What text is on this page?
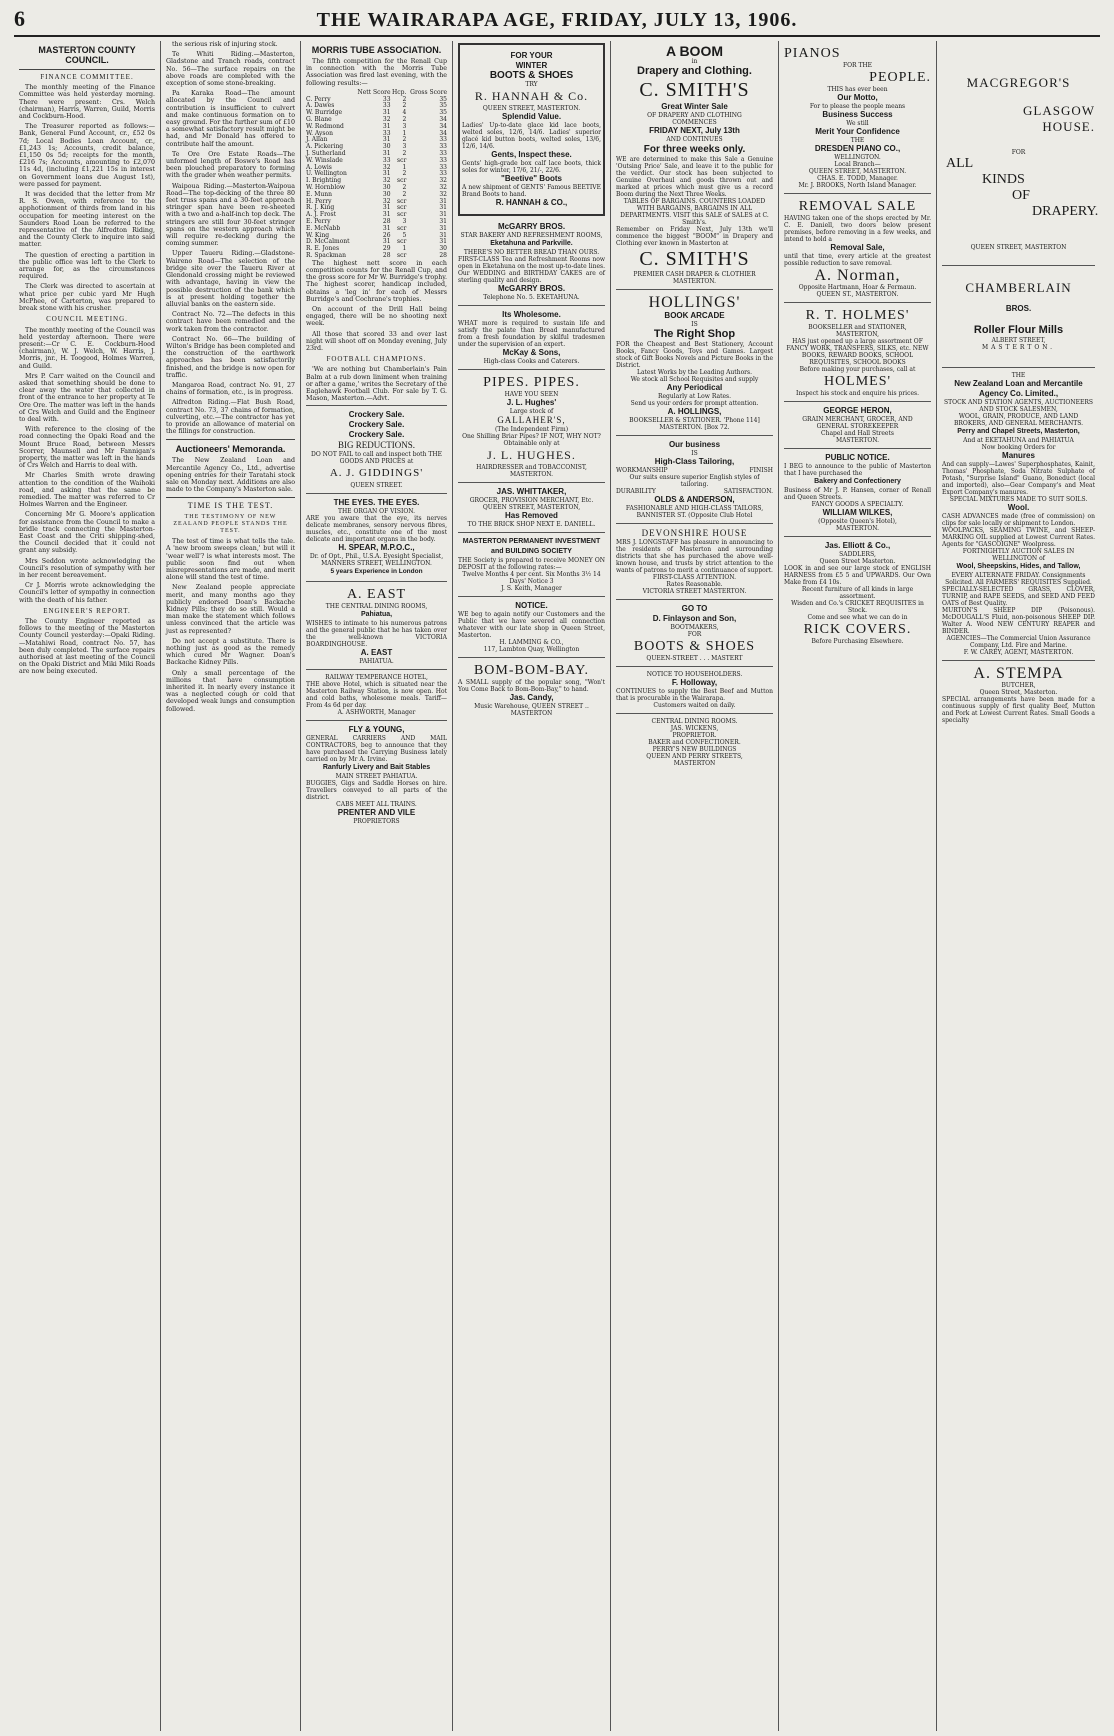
6	THE WAIRARAPA AGE, FRIDAY, JULY 13, 1906.
MASTERTON COUNTY COUNCIL.
FINANCE COMMITTEE.

The monthly meeting of the Finance Committee was held yesterday morning. There were present: Crs. Welch (chairman), Harris, Warren, Guild, Morris and Cockburn-Hood.

The Treasurer reported as follows:—Bank, General Fund Account, cr., £52 0s 7d; Local Bodies Loan Account, cr., £1,243 1s; Accounts, credit balance, £1,150 0s 5d; receipts for the month, £216 7s; Accounts, amounting to £2,070 11s 4d, (including £1,221 15s in interest on Government loans due August 1st), were passed for payment.

It was decided that the letter from Mr R. S. Owen, with reference to the apphotionment of thirds from land in his occupation for meeting interest on the Saunders Road Loan be referred to the representative of the Alfredton Riding, and the County Clerk to inquire into said matter.

The question of erecting a partition in the public office was left to the Clerk to arrange for, as the circumstances required.

The Clerk was directed to ascertain at what price per cubic yard Mr Hugh McPhee, of Carterton, was prepared to break stone with his crusher.

COUNCIL MEETING.

The monthly meeting of the Council was held yesterday afternoon. There were present:—Cr C. E. Cockburn-Hood (chairman), W. J. Welch, W. Harris, J. Morris, jnr., H. Toogood, Holmes Warren, and Guild.

Mrs P. Carr waited on the Council and asked that something should be done to clear away the water that collected in front of the entrance to her property at Te Ore Ore. The matter was left in the hands of Crs Welch and Guild and the Engineer to deal with.

With reference to the closing of the road connecting the Opaki Road and the Mount Bruce Road, between Messrs Scorrer, Maunsell and Mr Fannigan's property, the matter was left in the hands of Crs Welch and Harris to deal with.

Mr Charles Smith wrote drawing attention to the condition of the Waihoki road, and asking that the same be remedied. The matter was referred to Cr Holmes Warren and the Engineer.

Concerning Mr G. Moore's application for assistance from the Council to make a bridle track connecting the Masterton-East Coast and the Criti shipping-shed, the Council decided that it could not grant any subsidy.

Mrs Seddon wrote acknowledging the Council's resolution of sympathy with her in her recent bereavement.

Cr J. Morris wrote acknowledging the Council's letter of sympathy in connection with the death of his father.

ENGINEER'S REPORT.

The County Engineer reported as follows to the meeting of the Masterton County Council yesterday:—Opaki Riding.—Matahiwi Road, contract No. 57, has been duly completed. The surface repairs authorised at last meeting of the Council on the Opaki District and Miki Miki Roads are now being executed.

the serious risk of injuring stock.

Te Whiti Riding.—Masterton, Gladstone and Tranch roads, contract No. 56—The surface repairs on the above roads are completed with the exception of some stone-breaking.

Pa Karaka Road—The amount allocated by the Council and contribution is insufficient to culvert and make continuous formation on to easy ground. For the further sum of £10 a somewhat satisfactory result might be had, and Mr Donald has offered to contribute half the amount.

Te Ore Ore Estate Roads—The unformed length of Boswe's Road has been plouched preparatory to forming with the grader when weather permits.

Waipoua Riding.—Masterton-Waipoua Road—The top-decking of the three 80 feet truss spans and a 30-feet approach stringer span have been re-sheeted with a two and a-half-inch top deck. The stringers are still four 30-feet stringer spans on the western approach which will require re-decking during the coming summer.

Upper Taueru Riding.—Gladstone-Waireno Road—The selection of the bridge site over the Taueru River at Glendonald crossing might be reviewed with advantage, having in view the possible destruction of the bank which is at present holding together the alluvial banks on the eastern side.

Contract No. 72—The defects in this contract have been remedied and the work taken from the contractor.

Contract No. 66—The building of Wilton's Bridge has been completed and the construction of the earthwork approaches has been satisfactorily finished, and the bridge is now open for traffic.

Mangaroa Road, contract No. 91, 27 chains of formation, etc., is in progress.

Alfredton Riding.—Flat Bush Road, contract No. 73, 37 chains of formation, culverting, etc.—The contractor has yet to provide an allowance of material on the fillings for construction.

Auctioneers' Memoranda.

The New Zealand Loan and Mercantile Agency Co., Ltd., advertise opening entries for their Taratahi stock sale on Monday next. Additions are also made to the Company's Masterton sale.

TIME IS THE TEST.
THE TESTIMONY OF NEW ZEALAND PEOPLE STANDS THE TEST.

The test of time is what tells the tale. A 'new broom sweeps clean,' but will it 'wear well'? is what interests most. The public soon find out when misrepresentations are made, and merit alone will stand the test of time.

New Zealand people appreciate merit, and many months ago they publicly endorsed Doan's Backache Kidney Pills; they do so still. Would a man make the statement which follows unless convinced that the article was just as represented?

Do not accept a substitute. There is nothing just as good as the remedy which cured Mr Wagner. Doan's Backache Kidney Pills.

Only a small percentage of the millions that have consumption inherited it. In nearly every instance it was a neglected cough or cold that developed weak lungs and consumption followed.

MORRIS TUBE ASSOCIATION.

The fifth competition for the Renall Cup in connection with the Morris Tube Association was fired last evening, with the following results:—

	Nett Score	Hcp.	Gross Score
C. Perry	33	2	35
A. Dawes	33	2	35
W. Burridge	31	4	35
G. Blane	32	2	34
W. Redmond	31	3	34
W. Ayson	33	1	34
J. Allan	31	2	33
A. Pickering	30	3	33
J. Sutherland	31	2	33
W. Winslade	33	scr	33
A. Lowis	32	1	33
U. Wellington	31	2	33
I. Brighting	32	scr	32
W. Hornblow	30	2	32
E. Munn	30	2	32
H. Perry	32	scr	31
R. J. King	31	scr	31
A. J. Frost	31	scr	31
E. Perry	28	3	31
E. McNabb	31	scr	31
W. King	26	5	31
D. McCalmont	31	scr	31
R. E. Jones	29	1	30
R. Spackman	28	scr	28

The highest nett score in each competition counts for the Renall Cup, and the gross score for Mr W. Burridge's trophy. The highest scorer, handicap included, obtains a 'leg in' for each of Messrs Burridge's and Cochrane's trophies.

On account of the Drill Hall being engaged, there will be no shooting next week.

All those that scored 33 and over last night will shoot off on Monday evening, July 23rd.

FOOTBALL CHAMPIONS.

'We are nothing but Chamberlain's Pain Balm at a rub down liniment when training or after a game,' writes the Secretary of the Eaglehawk Football Club. For sale by T. G. Mason, Masterton.—Advt.

Crockery Sale.
Crockery Sale.
Crockery Sale.
BIG REDUCTIONS.
DO NOT FAIL to call and inspect both THE GOODS AND PRICES at
A. J. GIDDINGS'
QUEEN STREET.
THE EYES. THE EYES.
THE ORGAN OF VISION.
ARE you aware that the eye, its nerves delicate membranes, sensory nervous fibres, muscles, etc., constitute one of the most delicate and important organs in the body.
H. SPEAR, M.P.O.C.,
Dr. of Opt., Phil., U.S.A. Eyesight Specialist, MANNERS STREET, WELLINGTON.
5 years Experience in London
A. EAST
THE CENTRAL DINING ROOMS,
Pahiatua,
WISHES to intimate to his numerous patrons and the general public that he has taken over the well-known VICTORIA BOARDINGHOUSE.
A. EAST
PAHIATUA.
RAILWAY TEMPERANCE HOTEL,
THE above Hotel, which is situated near the Masterton Railway Station, is now open. Hot and cold baths, wholesome meals. Tariff—From 4s 6d per day.
A. ASHWORTH, Manager
FLY & YOUNG,
GENERAL CARRIERS AND MAIL CONTRACTORS, beg to announce that they have purchased the Carrying Business lately carried on by Mr A. Irvine.
Ranfurly Livery and Bait Stables
MAIN STREET PAHIATUA.
BUGGIES, Gigs and Saddle Horses on hire. Travellers conveyed to all parts of the district.
CABS MEET ALL TRAINS.
PRENTER AND VILE
PROPRIETORS
FOR YOUR
WINTER
BOOTS & SHOES
TRY
R. HANNAH & Co.
QUEEN STREET, MASTERTON.
Splendid Value.
Ladies' Up-to-date glace kid lace boots, welted soles, 12/6, 14/6. Ladies' superior glacé kid button boots, welted soles, 13/6, 12/6, 14/6.
Gents, Inspect these.
Gents' high-grade box calf lace boots, thick soles for winter, 17/6, 21/-, 22/6.
"Beetive" Boots
A new shipment of GENTS' Famous BEETIVE Brand Boots to hand.
R. HANNAH & CO.,
McGARRY BROS.
STAR BAKERY AND REFRESHMENT ROOMS,
Eketahuna and Parkville.
THERE'S NO BETTER BREAD THAN OURS.
FIRST-CLASS Tea and Refreshment Rooms now open in Eketahuna on the most up-to-date lines. Our WEDDING and BIRTHDAY CAKES are of sterling quality and design.
McGARRY BROS.
Telephone No. 5. EKETAHUNA.
Its Wholesome.
WHAT more is required to sustain life and satisfy the palate than Bread manufactured from a fresh foundation by skilful tradesmen under the supervision of an expert.
McKay & Sons,
High-class Cooks and Caterers.
PIPES. PIPES.
HAVE YOU SEEN
J. L. Hughes'
Large stock of
GALLAHER'S,
(The Independent Firm)
One Shilling Briar Pipes? IF NOT, WHY NOT? Obtainable only at
J. L. HUGHES.
HAIRDRESSER and TOBACCONIST, MASTERTON.
JAS. WHITTAKER,
GROCER, PROVISION MERCHANT, Etc.
QUEEN STREET, MASTERTON,
Has Removed
TO THE BRICK SHOP NEXT E. DANIELL.
MASTERTON PERMANENT INVESTMENT and BUILDING SOCIETY
THE Society is prepared to receive MONEY ON DEPOSIT at the following rates:—
Twelve Months 4 per cent. Six Months 3½ 14 Days' Notice 3
J. S. Keith, Manager
NOTICE.
WE beg to again notify our Customers and the Public that we have severed all connection whatever with our late shop in Queen Street, Masterton.
H. LAMMING & CO.,
117, Lambton Quay, Wellington
BOM-BOM-BAY.
A SMALL supply of the popular song, "Won't You Come Back to Bom-Bom-Bay," to hand.
Jas. Candy,
Music Warehouse, QUEEN STREET .. MASTERTON
A BOOM
in
Drapery and Clothing.
C. SMITH'S
Great Winter Sale
OF DRAPERY AND CLOTHING
COMMENCES
FRIDAY NEXT, July 13th
AND CONTINUES
For three weeks only.
WE are determined to make this Sale a Genuine 'Outsing Price' Sale, and leave it to the public for the verdict. Our stock has been subjected to Genuine Overhaul and goods thrown out and marked at prices which must give us a record Boom during the Next Three Weeks.
TABLES OF BARGAINS. COUNTERS LOADED WITH BARGAINS, BARGAINS IN ALL DEPARTMENTS. VISIT this SALE of SALES at C. Smith's.
Remember on Friday Next, July 13th we'll commence the biggest "BOOM" in Drapery and Clothing ever known in Masterton at
C. SMITH'S
PREMIER CASH DRAPER & CLOTHIER MASTERTON.
HOLLINGS'
BOOK ARCADE
IS
The Right Shop
FOR the Cheapest and Best Stationery, Account Books, Fancy Goods, Toys and Games. Largest stock of Gift Books Novels and Picture Books in the District.
Latest Works by the Leading Authors.
We stock all School Requisites and supply
Any Periodical
Regularly at Low Rates.
Send us your orders for prompt attention.
A. HOLLINGS,
BOOKSELLER & STATIONER. 'Phone 114] MASTERTON. [Box 72.
Our business
IS
High-Class Tailoring,
WORKMANSHIP	FINISH
Our suits ensure superior English styles of tailoring.
DURABILITY	SATISFACTION.
OLDS & ANDERSON,
FASHIONABLE AND HIGH-CLASS TAILORS,
BANNISTER ST. (Opposite Club Hotel
DEVONSHIRE HOUSE
MRS J. LONGSTAFF has pleasure in announcing to the residents of Masterton and surrounding districts that she has purchased the above well-known house, and trusts by strict attention to the wants of patrons to merit a continuance of support.
FIRST-CLASS ATTENTION.
Rates Reasonable.
VICTORIA STREET MASTERTON.
GO TO
D. Finlayson and Son,
BOOTMAKERS,
FOR
BOOTS & SHOES
QUEEN-STREET . . . MASTERT
NOTICE TO HOUSEHOLDERS.
F. Holloway,
CONTINUES to supply the Best Beef and Mutton that is procurable in the Wairarapa.
Customers waited on daily.
CENTRAL DINING ROOMS.
JAS. WICKENS,
PROPRIETOR.
BAKER and CONFECTIONER.
PERRY'S NEW BUILDINGS
QUEEN AND PERRY STREETS,
MASTERTON
PIANOS
FOR THE
PEOPLE.
THIS has ever been
Our Motto,
For to please the people means
Business Success
We still
Merit Your Confidence
THE
DRESDEN PIANO CO.,
WELLINGTON.
Local Branch—
QUEEN STREET, MASTERTON.
CHAS. E. TODD, Manager.
Mr. J. BROOKS, North Island Manager.
REMOVAL SALE
HAVING taken one of the shops erected by Mr. C. E. Daniell, two doors below present premises, before removing in a few weeks, and intend to hold a
Removal Sale,
until that time, every article at the greatest possible reduction to save removal.
A. Norman,
Opposite Hartmann, Hoar & Fermaun.
QUEEN ST., MASTERTON.
R. T. HOLMES'
BOOKSELLER and STATIONER,
MASTERTON,
HAS just opened up a large assortment OF
FANCY WORK, TRANSFERS, SILKS, etc. NEW BOOKS, REWARD BOOKS, SCHOOL REQUISITES, SCHOOL BOOKS
Before making your purchases, call at
HOLMES'
Inspect his stock and enquire his prices.
GEORGE HERON,
GRAIN MERCHANT, GROCER, AND
GENERAL STOREKEEPER
Chapel and Hall Streets
MASTERTON.
PUBLIC NOTICE.
I BEG to announce to the public of Masterton that I have purchased the
Bakery and Confectionery
Business of Mr J. P. Hansen, corner of Renall and Queen Streets.
FANCY GOODS A SPECIALTY.
WILLIAM WILKES,
(Opposite Queen's Hotel),
MASTERTON.
Jas. Elliott & Co.,
SADDLERS,
Queen Street Masterton.
LOOK in and see our large stock of ENGLISH HARNESS from £5 5 and UPWARDS. Our Own Make from £4 10s.
Recent furniture of all kinds in large assortment.
Wisden and Co.'s CRICKET REQUISITES in Stock.
Come and see what we can do in
RICK COVERS.
Before Purchasing Elsewhere.
MACGREGOR'S
GLASGOW
HOUSE.
FOR
ALL
KINDS
OF
DRAPERY.
QUEEN STREET, MASTERTON
CHAMBERLAIN
BROS.
Roller Flour Mills
ALBERT STREET,
MASTERTON.
THE
New Zealand Loan and Mercantile Agency Co. Limited.,
STOCK AND STATION AGENTS, AUCTIONEERS AND STOCK SALESMEN,
WOOL, GRAIN, PRODUCE, AND LAND BROKERS, AND GENERAL MERCHANTS.
Perry and Chapel Streets, Masterton,
And at EKETAHUNA and PAHIATUA
Now booking Orders for
Manures
And can supply—Lawes' Superphosphates, Kainit, Thomas' Phosphate, Soda Nitrate Sulphate of Potash, "Surprise Island" Guano, Boneduct (local and imported), also—Gear Company's and Meat Export Company's manures.
SPECIAL MIXTURES MADE TO SUIT SOILS.
Wool.
CASH ADVANCES made (free of commission) on clips for sale locally or shipment to London.
WOOLPACKS, SEAMING TWINE, and SHEEP-MARKING OIL supplied at Lowest Current Rates. Agents for "GASCOIGNE" Woolpress.
FORTNIGHTLY AUCTION SALES IN WELLINGTON of
Wool, Sheepskins, Hides, and Tallow,
EVERY ALTERNATE FRIDAY. Consignments Solicited. All FARMERS' REQUISITES Supplied.
SPECIALLY-SELECTED GRASS, CLOVER, TURNIP, and RAPE SEEDS, and SEED AND FEED OATS of Best Quality.
MURTON'S SHEEP DIP (Poisonous). McDOUGALL'S Fluid, non-poisonous SHEEP DIP. Walter A. Wood NEW CENTURY REAPER and BINDER.
AGENCIES—The Commercial Union Assurance Company, Ltd. Fire and Marine.
F. W. CAREY, AGENT, MASTERTON.
A. STEMPA
BUTCHER,
Queen Street, Masterton.
SPECIAL arrangements have been made for a continuous supply of first quality Beef, Mutton and Pork at Lowest Current Rates. Small Goods a specialty
